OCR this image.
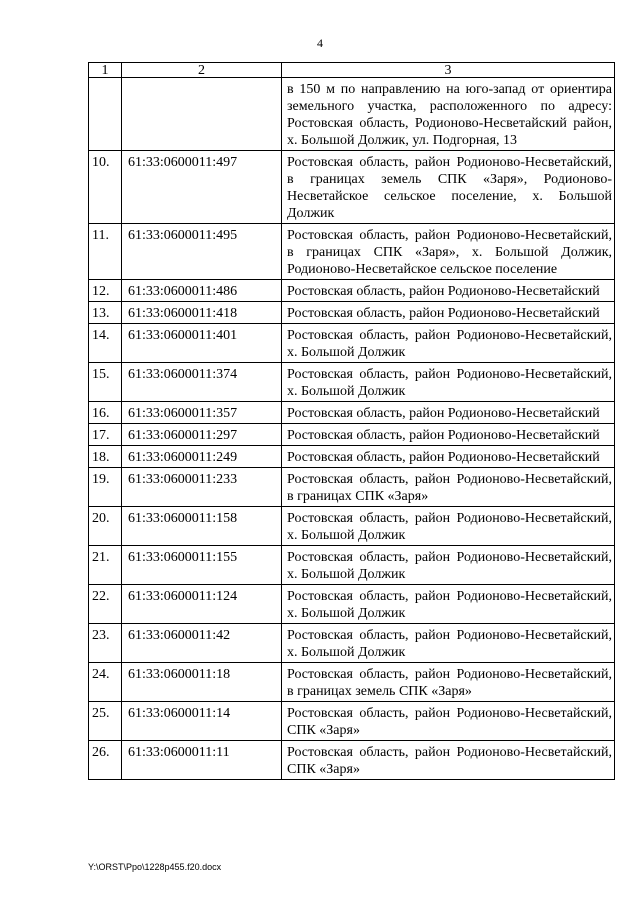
4
1	2	3
		в 150 м по направлению на юго-запад от ориентира земельного участка, расположенного по адресу: Ростовская область, Родионово-Несветайский район, х. Большой Должик, ул. Подгорная, 13
10.	61:33:0600011:497	Ростовская область, район Родионово-Несветайский, в границах земель СПК «Заря», Родионово-Несветайское сельское поселение, х. Большой Должик
11.	61:33:0600011:495	Ростовская область, район Родионово-Несветайский, в границах СПК «Заря», х. Большой Должик, Родионово-Несветайское сельское поселение
12.	61:33:0600011:486	Ростовская область, район Родионово-Несветайский
13.	61:33:0600011:418	Ростовская область, район Родионово-Несветайский
14.	61:33:0600011:401	Ростовская область, район Родионово-Несветайский, х. Большой Должик
15.	61:33:0600011:374	Ростовская область, район Родионово-Несветайский, х. Большой Должик
16.	61:33:0600011:357	Ростовская область, район Родионово-Несветайский
17.	61:33:0600011:297	Ростовская область, район Родионово-Несветайский
18.	61:33:0600011:249	Ростовская область, район Родионово-Несветайский
19.	61:33:0600011:233	Ростовская область, район Родионово-Несветайский, в границах СПК «Заря»
20.	61:33:0600011:158	Ростовская область, район Родионово-Несветайский, х. Большой Должик
21.	61:33:0600011:155	Ростовская область, район Родионово-Несветайский, х. Большой Должик
22.	61:33:0600011:124	Ростовская область, район Родионово-Несветайский, х. Большой Должик
23.	61:33:0600011:42	Ростовская область, район Родионово-Несветайский, х. Большой Должик
24.	61:33:0600011:18	Ростовская область, район Родионово-Несветайский, в границах земель СПК «Заря»
25.	61:33:0600011:14	Ростовская область, район Родионово-Несветайский, СПК «Заря»
26.	61:33:0600011:11	Ростовская область, район Родионово-Несветайский, СПК «Заря»
Y:\ORST\Ppo\1228p455.f20.docx
